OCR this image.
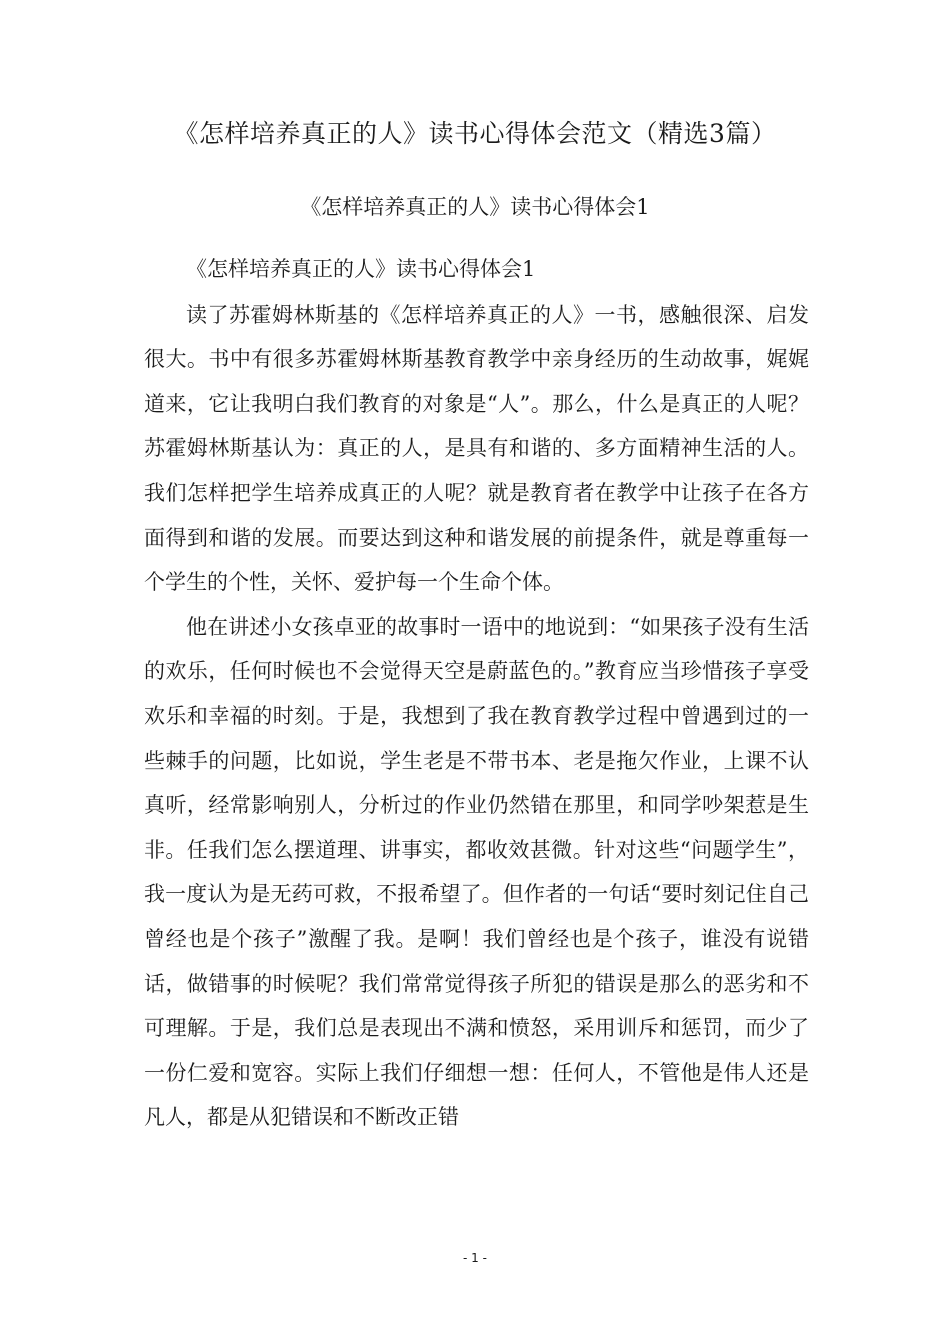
《怎样培养真正的人》读书心得体会范文（精选3篇）
《怎样培养真正的人》读书心得体会1

《怎样培养真正的人》读书心得体会1

读了苏霍姆林斯基的《怎样培养真正的人》一书，感触很深、启发很大。书中有很多苏霍姆林斯基教育教学中亲身经历的生动故事，娓娓道来，它让我明白我们教育的对象是“人”。那么，什么是真正的人呢？苏霍姆林斯基认为：真正的人，是具有和谐的、多方面精神生活的人。我们怎样把学生培养成真正的人呢？就是教育者在教学中让孩子在各方面得到和谐的发展。而要达到这种和谐发展的前提条件，就是尊重每一个学生的个性，关怀、爱护每一个生命个体。

他在讲述小女孩卓亚的故事时一语中的地说到：“如果孩子没有生活的欢乐，任何时候也不会觉得天空是蔚蓝色的。”教育应当珍惜孩子享受欢乐和幸福的时刻。于是，我想到了我在教育教学过程中曾遇到过的一些棘手的问题，比如说，学生老是不带书本、老是拖欠作业，上课不认真听，经常影响别人，分析过的作业仍然错在那里，和同学吵架惹是生非。任我们怎么摆道理、讲事实，都收效甚微。针对这些“问题学生”，我一度认为是无药可救，不报希望了。但作者的一句话“要时刻记住自己曾经也是个孩子”激醒了我。是啊！我们曾经也是个孩子，谁没有说错话，做错事的时候呢？我们常常觉得孩子所犯的错误是那么的恶劣和不可理解。于是，我们总是表现出不满和愤怒，采用训斥和惩罚，而少了一份仁爱和宽容。实际上我们仔细想一想：任何人，不管他是伟人还是凡人，都是从犯错误和不断改正错

- 1 -
